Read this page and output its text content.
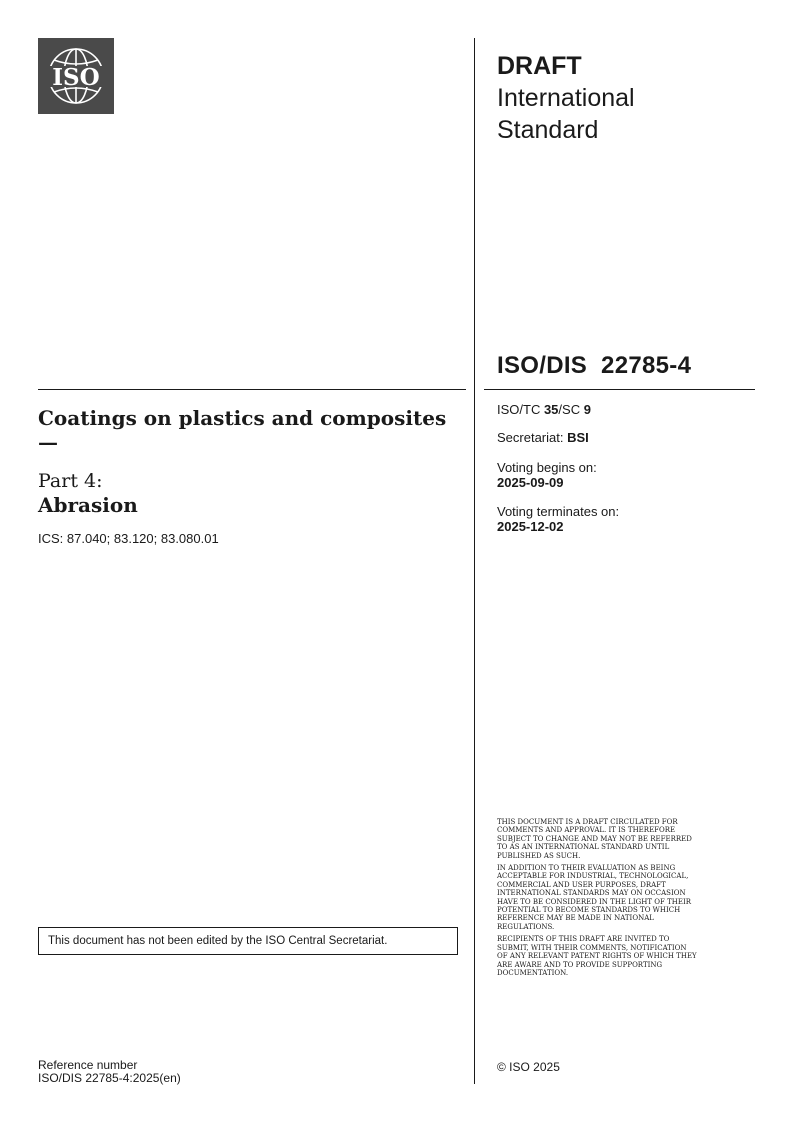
ISO	DRAFT
International
Standard
ISO/DIS  22785-4
Coatings on plastics and composites —
Part 4:
Abrasion
ICS: 87.040; 83.120; 83.080.01
ISO/TC 35/SC 9
Secretariat: BSI
Voting begins on:
2025-09-09
Voting terminates on:
2025-12-02

THIS DOCUMENT IS A DRAFT CIRCULATED FOR COMMENTS AND APPROVAL. IT IS THEREFORE SUBJECT TO CHANGE AND MAY NOT BE REFERRED TO AS AN INTERNATIONAL STANDARD UNTIL PUBLISHED AS SUCH.

IN ADDITION TO THEIR EVALUATION AS BEING ACCEPTABLE FOR INDUSTRIAL, TECHNOLOGICAL, COMMERCIAL AND USER PURPOSES, DRAFT INTERNATIONAL STANDARDS MAY ON OCCASION HAVE TO BE CONSIDERED IN THE LIGHT OF THEIR POTENTIAL TO BECOME STANDARDS TO WHICH REFERENCE MAY BE MADE IN NATIONAL REGULATIONS.

RECIPIENTS OF THIS DRAFT ARE INVITED TO SUBMIT, WITH THEIR COMMENTS, NOTIFICATION OF ANY RELEVANT PATENT RIGHTS OF WHICH THEY ARE AWARE AND TO PROVIDE SUPPORTING DOCUMENTATION.

This document has not been edited by the ISO Central Secretariat.
© ISO 2025
Reference number
ISO/DIS 22785-4:2025(en)
